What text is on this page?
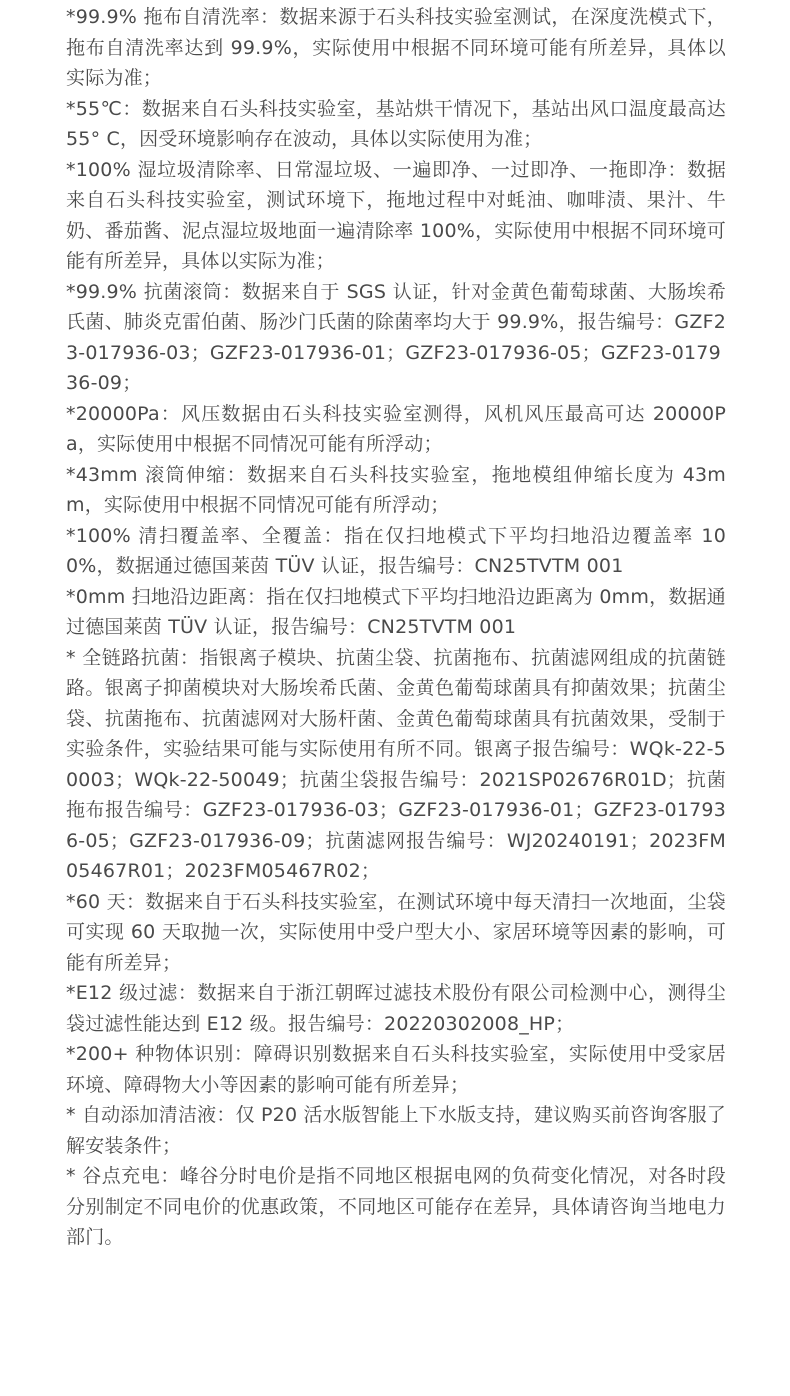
*99.9% 拖布自清洗率：数据来源于石头科技实验室测试，在深度洗模式下，拖布自清洗率达到 99.9%，实际使用中根据不同环境可能有所差异，具体以实际为准；

*55℃：数据来自石头科技实验室，基站烘干情况下，基站出风口温度最高达 55° C，因受环境影响存在波动，具体以实际使用为准；

*100% 湿垃圾清除率、日常湿垃圾、一遍即净、一过即净、一拖即净：数据来自石头科技实验室，测试环境下，拖地过程中对蚝油、咖啡渍、果汁、牛奶、番茄酱、泥点湿垃圾地面一遍清除率 100%，实际使用中根据不同环境可能有所差异，具体以实际为准；

*99.9% 抗菌滚筒：数据来自于 SGS 认证，针对金黄色葡萄球菌、大肠埃希氏菌、肺炎克雷伯菌、肠沙门氏菌的除菌率均大于 99.9%，报告编号：GZF23-017936-03；GZF23-017936-01；GZF23-017936-05；GZF23-017936-09；

*20000Pa：风压数据由石头科技实验室测得，风机风压最高可达 20000Pa，实际使用中根据不同情况可能有所浮动；

*43mm 滚筒伸缩：数据来自石头科技实验室，拖地模组伸缩长度为 43mm，实际使用中根据不同情况可能有所浮动；

*100% 清扫覆盖率、全覆盖：指在仅扫地模式下平均扫地沿边覆盖率 100%，数据通过德国莱茵 TÜV 认证，报告编号：CN25TVTM 001

*0mm 扫地沿边距离：指在仅扫地模式下平均扫地沿边距离为 0mm，数据通过德国莱茵 TÜV 认证，报告编号：CN25TVTM 001

* 全链路抗菌：指银离子模块、抗菌尘袋、抗菌拖布、抗菌滤网组成的抗菌链路。银离子抑菌模块对大肠埃希氏菌、金黄色葡萄球菌具有抑菌效果；抗菌尘袋、抗菌拖布、抗菌滤网对大肠杆菌、金黄色葡萄球菌具有抗菌效果，受制于实验条件，实验结果可能与实际使用有所不同。银离子报告编号：WQk-22-50003；WQk-22-50049；抗菌尘袋报告编号：2021SP02676R01D；抗菌拖布报告编号：GZF23-017936-03；GZF23-017936-01；GZF23-017936-05；GZF23-017936-09；抗菌滤网报告编号：WJ20240191；2023FM05467R01；2023FM05467R02；

*60 天：数据来自于石头科技实验室，在测试环境中每天清扫一次地面，尘袋可实现 60 天取抛一次，实际使用中受户型大小、家居环境等因素的影响，可能有所差异；

*E12 级过滤：数据来自于浙江朝晖过滤技术股份有限公司检测中心，测得尘袋过滤性能达到 E12 级。报告编号：20220302008_HP；

*200+ 种物体识别：障碍识别数据来自石头科技实验室，实际使用中受家居环境、障碍物大小等因素的影响可能有所差异；

* 自动添加清洁液：仅 P20 活水版智能上下水版支持，建议购买前咨询客服了解安装条件；

* 谷点充电：峰谷分时电价是指不同地区根据电网的负荷变化情况，对各时段分别制定不同电价的优惠政策，不同地区可能存在差异，具体请咨询当地电力部门。
